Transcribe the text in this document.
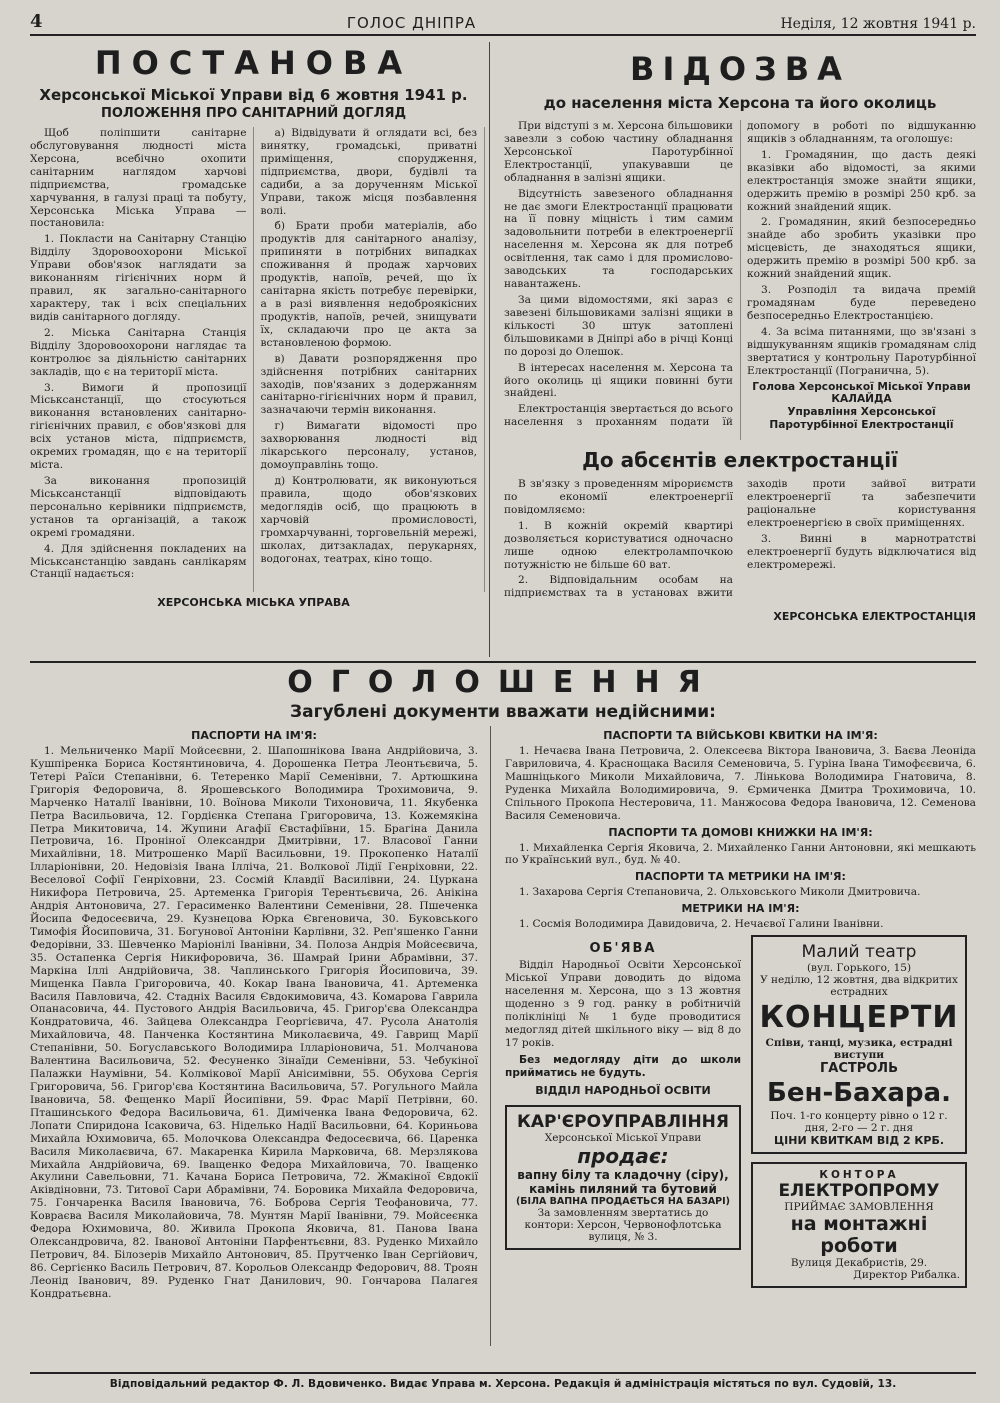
4	ГОЛОС ДНІПРА	Неділя, 12 жовтня 1941 р.
ПОСТАНОВА
Херсонської Міської Управи від 6 жовтня 1941 р.
ПОЛОЖЕННЯ ПРО САНІТАРНИЙ ДОГЛЯД

Щоб поліпшити санітарне обслуговування людності міста Херсона, всебічно охопити санітарним наглядом харчові підприємства, громадське харчування, в галузі праці та побуту, Херсонська Міська Управа — постановила:

1. Покласти на Санітарну Станцію Відділу Здоровоохорони Міської Управи обов'язок наглядати за виконанням гігієнічних норм й правил, як загально-санітарного характеру, так і всіх спеціальних видів санітарного догляду.

2. Міська Санітарна Станція Відділу Здоровоохорони наглядає та контролює за діяльністю санітарних закладів, що є на території міста.

3. Вимоги й пропозиції Міськсанстанції, що стосуються виконання встановлених санітарно-гігієнічних правил, є обов'язкові для всіх установ міста, підприємств, окремих громадян, що є на території міста.

За виконання пропозицій Міськсанстанції відповідають персонально керівники підприємств, установ та організацій, а також окремі громадяни.

4. Для здійснення покладених на Міськсанстанцію завдань санлікарям Станції надається:

а) Відвідувати й оглядати всі, без винятку, громадські, приватні приміщення, спорудження, підприємства, двори, будівлі та садиби, а за дорученням Міської Управи, також місця позбавлення волі.

б) Брати проби матеріалів, або продуктів для санітарного аналізу, припиняти в потрібних випадках споживання й продаж харчових продуктів, напоїв, речей, що їх санітарна якість потребує перевірки, а в разі виявлення недоброякісних продуктів, напоїв, речей, знищувати їх, складаючи про це акта за встановленою формою.

в) Давати розпорядження про здійснення потрібних санітарних заходів, пов'язаних з додержанням санітарно-гігієнічних норм й правил, зазначаючи термін виконання.

г) Вимагати відомості про захворювання людності від лікарського персоналу, установ, домоуправлінь тощо.

д) Контролювати, як виконуються правила, щодо обов'язкових медоглядів осіб, що працюють в харчовій промисловості, громхарчуванні, торговельній мережі, школах, дитзакладах, перукарнях, водогонах, театрах, кіно тощо.

ХЕРСОНСЬКА МІСЬКА УПРАВА
ВІДОЗВА
до населення міста Херсона та його околиць

При відступі з м. Херсона більшовики завезли з собою частину обладнання Херсонської Паротурбінної Електростанції, упакувавши це обладнання в залізні ящики.

Відсутність завезеного обладнання не дає змоги Електростанції працювати на її повну міцність і тим самим задовольнити потреби в електроенергії населення м. Херсона як для потреб освітлення, так само і для промислово-заводських та господарських навантажень.

За цими відомостями, які зараз є завезені більшовиками залізні ящики в кількості 30 штук затоплені більшовиками в Дніпрі або в річці Конці по дорозі до Олешок.

В інтересах населення м. Херсона та його околиць ці ящики повинні бути знайдені.

Електростанція звертається до всього населення з проханням подати їй допомогу в роботі по відшуканню ящиків з обладнанням, та оголошує:

1. Громадянин, що дасть деякі вказівки або відомості, за якими електростанція зможе знайти ящики, одержить премію в розмірі 250 крб. за кожний знайдений ящик.

2. Громадянин, який безпосередньо знайде або зробить указівки про місцевість, де знаходяться ящики, одержить премію в розмірі 500 крб. за кожний знайдений ящик.

3. Розподіл та видача премій громадянам буде переведено безпосередньо Електростанцією.

4. За всіма питаннями, що зв'язані з відшукуванням ящиків громадянам слід звертатися у контрольну Паротурбінної Електростанції (Погранична, 5).

Голова Херсонської Міської Управи
КАЛАЙДА
Управління Херсонської Паротурбінної Електростанції
До абсєнтів електростанції

В зв'язку з проведенням мірориємств по економії електроенергії повідомляємо:

1. В кожній окремій квартирі дозволяється користуватися одночасно лише одною електролампочкою потужністю не більше 60 ват.

2. Відповідальним особам на підприємствах та в установах вжити заходів проти зайвої витрати електроенергії та забезпечити раціональне користування електроенергією в своїх приміщеннях.

3. Винні в марнотратстві електроенергії будуть відключатися від електромережі.

ХЕРСОНСЬКА ЕЛЕКТРОСТАНЦІЯ
ОГОЛОШЕННЯ
Загублені документи вважати недійсними:
ПАСПОРТИ НА ІМ'Я:

1. Мельниченко Марії Мойсеєвни, 2. Шапошнікова Івана Андрійовича, 3. Кушпіренка Бориса Костянтиновича, 4. Дорошенка Петра Леонтьєвича, 5. Тетері Раїси Степанівни, 6. Тетеренко Марії Семенівни, 7. Артюшкина Григорія Федоровича, 8. Ярошевського Володимира Трохимовича, 9. Марченко Наталії Іванівни, 10. Воїнова Миколи Тихоновича, 11. Якубенка Петра Васильовича, 12. Гордієнка Степана Григоровича, 13. Кожемякіна Петра Микитовича, 14. Жупини Агафії Євстафіївни, 15. Брагіна Данила Петровича, 16. Проніної Олександри Дмитрівни, 17. Власової Ганни Михайлівни, 18. Митрошенко Марії Васильовни, 19. Прокопенко Наталії Ілларіонівни, 20. Недовізія Івана Ілліча, 21. Волкової Лідії Генріховни, 22. Веселової Софії Генріховни, 23. Сосмій Клавдії Василівни, 24. Цуркана Никифора Петровича, 25. Артеменка Григорія Терентьєвича, 26. Анікіна Андрія Антоновича, 27. Герасименко Валентини Семенівни, 28. Пшеченка Йосипа Федосеєвича, 29. Кузнецова Юрка Євгеновича, 30. Буковського Тимофія Йосиповича, 31. Богунової Антоніни Карлівни, 32. Реп'яшенко Ганни Федорівни, 33. Шевченко Маріонілі Іванівни, 34. Полоза Андрія Мойсеєвича, 35. Остапенка Сергія Никифоровича, 36. Шамрай Ірини Абрамівни, 37. Маркіна Іллі Андрійовича, 38. Чаплинського Григорія Йосиповича, 39. Мищенка Павла Григоровича, 40. Кокар Івана Івановича, 41. Артеменка Василя Павловича, 42. Стадніх Василя Євдокимовича, 43. Комарова Гаврила Опанасовича, 44. Пустового Андрія Васильовича, 45. Григор'єва Олександра Кондратовича, 46. Зайцева Олександра Георгієвича, 47. Русола Анатолія Михайловича, 48. Панченка Костянтина Миколаєвича, 49. Гаврищ Марії Степанівни, 50. Богуславського Володимира Ілларіоновича, 51. Молчанова Валентина Васильовича, 52. Фесуненко Зінаїди Семенівни, 53. Чебукіної Палажки Наумівни, 54. Колмікової Марії Анісимівни, 55. Обухова Сергія Григоровича, 56. Григор'єва Костянтина Васильовича, 57. Рогульного Майла Івановича, 58. Фещенко Марії Йосипівни, 59. Фрас Марії Петрівни, 60. Пташинського Федора Васильовича, 61. Диміченка Івана Федоровича, 62. Лопати Спиридона Ісаковича, 63. Ніделько Надії Васильовни, 64. Кориньова Михайла Юхимовича, 65. Молочкова Олександра Федосеєвича, 66. Царенка Василя Миколаєвича, 67. Макаренка Кирила Марковича, 68. Мерзлякова Михайла Андрійовича, 69. Іващенко Федора Михайловича, 70. Іващенко Акулини Савельовни, 71. Качана Бориса Петровича, 72. Жмакіної Євдокії Аківдіновни, 73. Титової Сари Абрамівни, 74. Боровика Михайла Федоровича, 75. Гончаренка Василя Івановича, 76. Боброва Сергія Теофановича, 77. Ковраєва Василя Миколайовича, 78. Мунтян Марії Іванівни, 79. Мойсеєнка Федора Юхимовича, 80. Живила Прокопа Яковича, 81. Панова Івана Олександровича, 82. Іванової Антоніни Парфентьєвни, 83. Руденко Михайло Петрович, 84. Білозерів Михайло Антонович, 85. Прутченко Іван Сергійович, 86. Сергієнко Василь Петрович, 87. Корольов Олександр Федорович, 88. Троян Леонід Іванович, 89. Руденко Гнат Данилович, 90. Гончарова Палагея Кондратьєвна.

ПАСПОРТИ ТА ВІЙСЬКОВІ КВИТКИ НА ІМ'Я:

1. Нечаєва Івана Петровича, 2. Олексеєва Віктора Івановича, 3. Баєва Леоніда Гавриловича, 4. Краснощака Василя Семеновича, 5. Гуріна Івана Тимофєєвича, 6. Машніцького Миколи Михайловича, 7. Лінькова Володимира Гнатовича, 8. Руденка Михайла Володимировича, 9. Єрмиченка Дмитра Трохимовича, 10. Спільного Прокопа Нестеровича, 11. Манжосова Федора Івановича, 12. Семенова Василя Семеновича.

ПАСПОРТИ ТА ДОМОВІ КНИЖКИ НА ІМ'Я:

1. Михайленка Сергія Яковича, 2. Михайленко Ганни Антоновни, які мешкають по Український вул., буд. № 40.

ПАСПОРТИ ТА МЕТРИКИ НА ІМ'Я:

1. Захарова Сергія Степановича, 2. Ольховського Миколи Дмитровича.

МЕТРИКИ НА ІМ'Я:

1. Сосмія Володимира Давидовича, 2. Нечаєвої Галини Іванівни.

ОБ'ЯВА

Відділ Народньої Освіти Херсонської Міської Управи доводить до відома населення м. Херсона, що з 13 жовтня щоденно з 9 год. ранку в робітничій поліклініці № 1 буде проводитися медогляд дітей шкільного віку — від 8 до 17 років.

Без медогляду діти до школи прийматись не будуть.

ВІДДІЛ НАРОДНЬОЇ ОСВІТИ
КАР'ЄРОУПРАВЛІННЯ
Херсонської Міської Управи
продає:
вапну білу та кладочну (сіру),
камінь пиляний та бутовий
(БІЛА ВАПНА ПРОДАЄТЬСЯ НА БАЗАРІ)
За замовленням звертатись до контори: Херсон, Червонофлотська вулиця, № 3.
Малий театр
(вул. Горького, 15)
У неділю, 12 жовтня, два відкритих естрадних
КОНЦЕРТИ
Співи, танці, музика, естрадні виступи
ГАСТРОЛЬ
Бен-Бахара.
Поч. 1-го концерту рівно о 12 г. дня, 2-го — 2 г. дня
ЦІНИ КВИТКАМ ВІД 2 КРБ.
КОНТОРА
ЕЛЕКТРОПРОМУ
ПРИЙМАЄ ЗАМОВЛЕННЯ
на монтажні роботи
Вулиця Декабристів, 29.
Директор Рибалка.
Відповідальний редактор Ф. Л. Вдовиченко. Видає Управа м. Херсона. Редакція й адміністрація містяться по вул. Судовій, 13.
